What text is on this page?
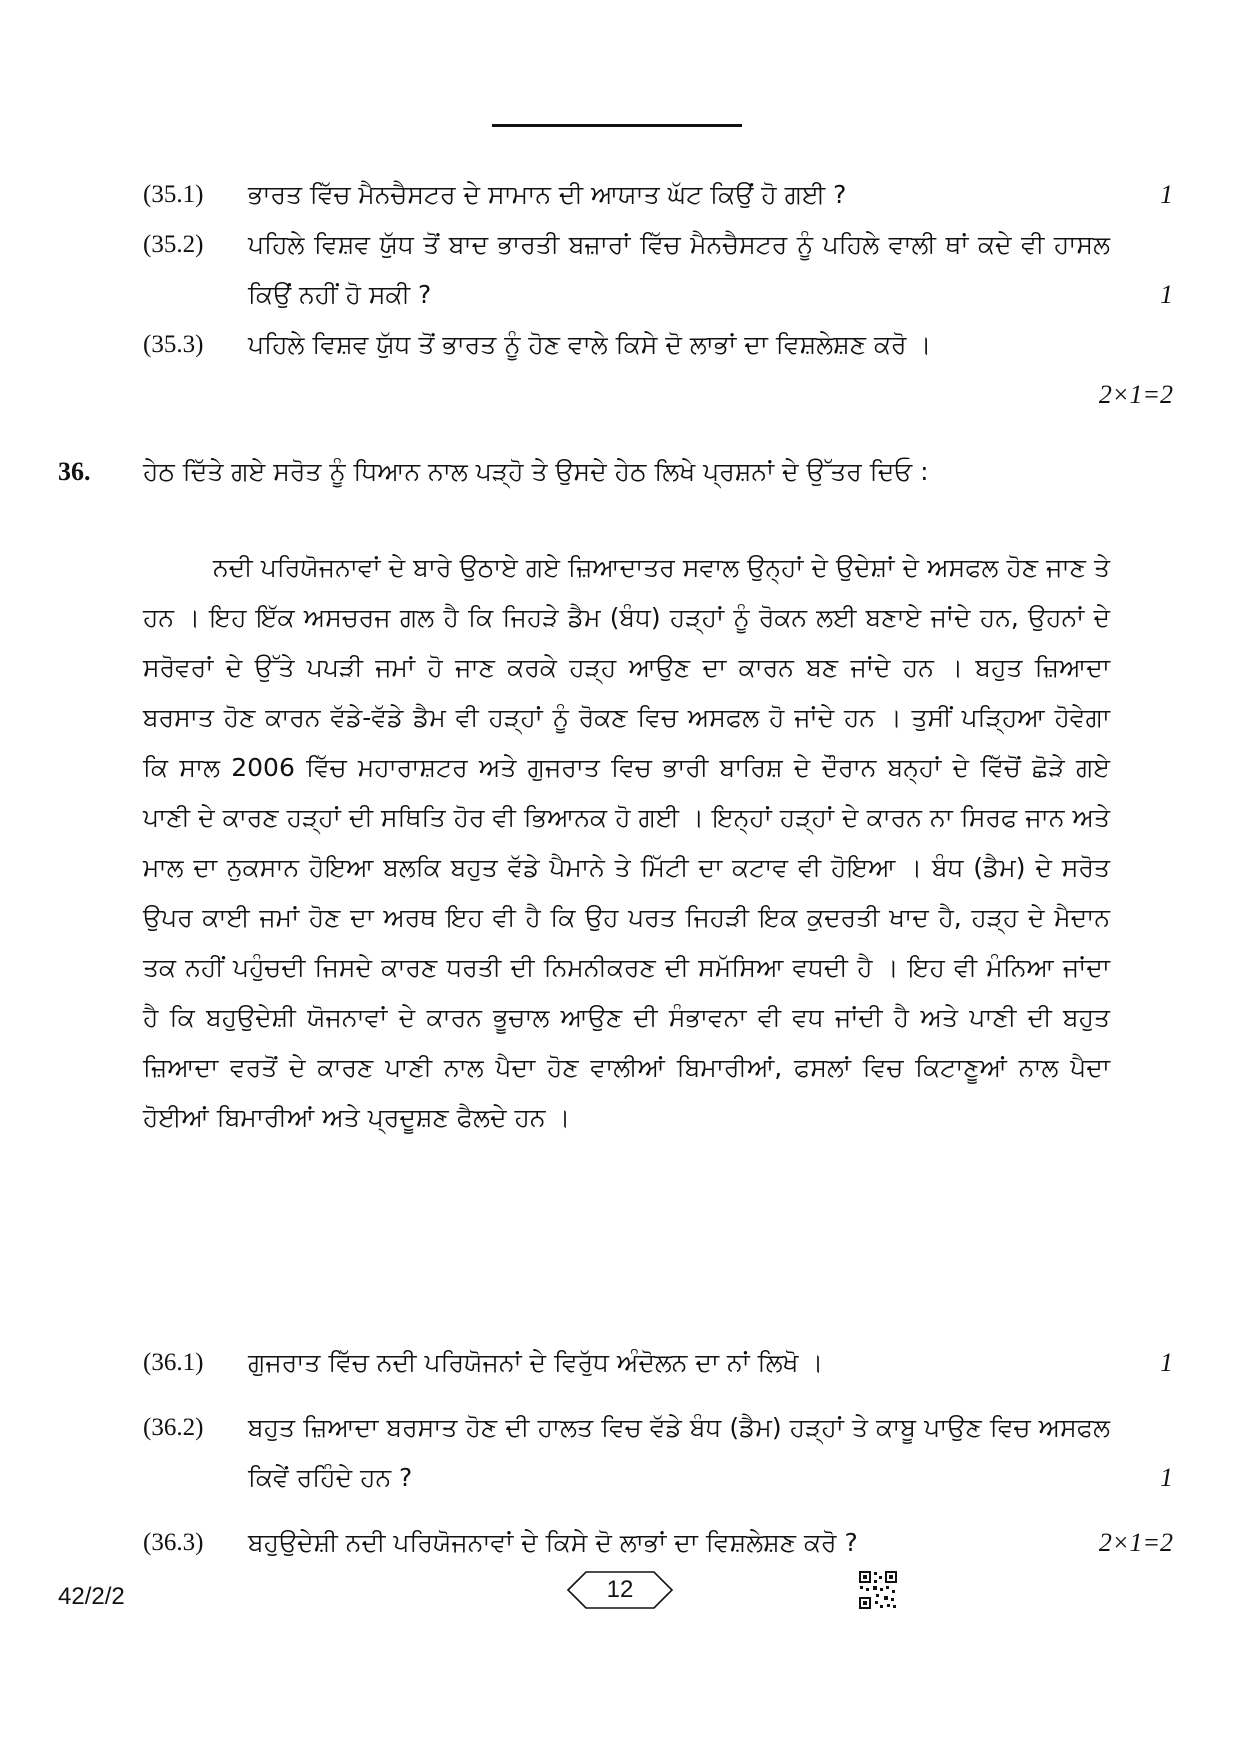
(35.1) ਭਾਰਤ ਵਿੱਚ ਮੈਨਚੈਸਟਰ ਦੇ ਸਾਮਾਨ ਦੀ ਆਯਾਤ ਘੱਟ ਕਿਉਂ ਹੋ ਗਈ ?	1
(35.2) ਪਹਿਲੇ ਵਿਸ਼ਵ ਯੁੱਧ ਤੋਂ ਬਾਦ ਭਾਰਤੀ ਬਜ਼ਾਰਾਂ ਵਿੱਚ ਮੈਨਚੈਸਟਰ ਨੂੰ ਪਹਿਲੇ ਵਾਲੀ ਥਾਂ ਕਦੇ ਵੀ ਹਾਸਲ ਕਿਉਂ ਨਹੀਂ ਹੋ ਸਕੀ ?	1
(35.3) ਪਹਿਲੇ ਵਿਸ਼ਵ ਯੁੱਧ ਤੋਂ ਭਾਰਤ ਨੂੰ ਹੋਣ ਵਾਲੇ ਕਿਸੇ ਦੋ ਲਾਭਾਂ ਦਾ ਵਿਸ਼ਲੇਸ਼ਣ ਕਰੋ ।
2×1=2
36. ਹੇਠ ਦਿੱਤੇ ਗਏ ਸਰੋਤ ਨੂੰ ਧਿਆਨ ਨਾਲ ਪੜ੍ਹੋ ਤੇ ਉਸਦੇ ਹੇਠ ਲਿਖੇ ਪ੍ਰਸ਼ਨਾਂ ਦੇ ਉੱਤਰ ਦਿਓ :
ਨਦੀ ਪਰਿਯੋਜਨਾਵਾਂ ਦੇ ਬਾਰੇ ਉਠਾਏ ਗਏ ਜ਼ਿਆਦਾਤਰ ਸਵਾਲ ਉਨ੍ਹਾਂ ਦੇ ਉਦੇਸ਼ਾਂ ਦੇ ਅਸਫਲ ਹੋਣ ਜਾਣ ਤੇ ਹਨ । ਇਹ ਇੱਕ ਅਸਚਰਜ ਗਲ ਹੈ ਕਿ ਜਿਹੜੇ ਡੈਮ (ਬੰਧ) ਹੜ੍ਹਾਂ ਨੂੰ ਰੋਕਨ ਲਈ ਬਣਾਏ ਜਾਂਦੇ ਹਨ, ਉਹਨਾਂ ਦੇ ਸਰੋਵਰਾਂ ਦੇ ਉੱਤੇ ਪਪੜੀ ਜਮਾਂ ਹੋ ਜਾਣ ਕਰਕੇ ਹੜ੍ਹ ਆਉਣ ਦਾ ਕਾਰਨ ਬਣ ਜਾਂਦੇ ਹਨ । ਬਹੁਤ ਜ਼ਿਆਦਾ ਬਰਸਾਤ ਹੋਣ ਕਾਰਨ ਵੱਡੇ-ਵੱਡੇ ਡੈਮ ਵੀ ਹੜ੍ਹਾਂ ਨੂੰ ਰੋਕਣ ਵਿਚ ਅਸਫਲ ਹੋ ਜਾਂਦੇ ਹਨ । ਤੁਸੀਂ ਪੜ੍ਹਿਆ ਹੋਵੇਗਾ ਕਿ ਸਾਲ 2006 ਵਿੱਚ ਮਹਾਰਾਸ਼ਟਰ ਅਤੇ ਗੁਜਰਾਤ ਵਿਚ ਭਾਰੀ ਬਾਰਿਸ਼ ਦੇ ਦੌਰਾਨ ਬਨ੍ਹਾਂ ਦੇ ਵਿੱਚੋਂ ਛੋੜੇ ਗਏ ਪਾਣੀ ਦੇ ਕਾਰਣ ਹੜ੍ਹਾਂ ਦੀ ਸਥਿਤਿ ਹੋਰ ਵੀ ਭਿਆਨਕ ਹੋ ਗਈ । ਇਨ੍ਹਾਂ ਹੜ੍ਹਾਂ ਦੇ ਕਾਰਨ ਨਾ ਸਿਰਫ ਜਾਨ ਅਤੇ ਮਾਲ ਦਾ ਨੁਕਸਾਨ ਹੋਇਆ ਬਲਕਿ ਬਹੁਤ ਵੱਡੇ ਪੈਮਾਨੇ ਤੇ ਮਿੱਟੀ ਦਾ ਕਟਾਵ ਵੀ ਹੋਇਆ । ਬੰਧ (ਡੈਮ) ਦੇ ਸਰੋਤ ਉਪਰ ਕਾਈ ਜਮਾਂ ਹੋਣ ਦਾ ਅਰਥ ਇਹ ਵੀ ਹੈ ਕਿ ਉਹ ਪਰਤ ਜਿਹੜੀ ਇਕ ਕੁਦਰਤੀ ਖਾਦ ਹੈ, ਹੜ੍ਹ ਦੇ ਮੈਦਾਨ ਤਕ ਨਹੀਂ ਪਹੁੰਚਦੀ ਜਿਸਦੇ ਕਾਰਣ ਧਰਤੀ ਦੀ ਨਿਮਨੀਕਰਣ ਦੀ ਸਮੱਸਿਆ ਵਧਦੀ ਹੈ । ਇਹ ਵੀ ਮੰਨਿਆ ਜਾਂਦਾ ਹੈ ਕਿ ਬਹੁਉਦੇਸ਼ੀ ਯੋਜਨਾਵਾਂ ਦੇ ਕਾਰਨ ਭੂਚਾਲ ਆਉਣ ਦੀ ਸੰਭਾਵਨਾ ਵੀ ਵਧ ਜਾਂਦੀ ਹੈ ਅਤੇ ਪਾਣੀ ਦੀ ਬਹੁਤ ਜ਼ਿਆਦਾ ਵਰਤੋਂ ਦੇ ਕਾਰਣ ਪਾਣੀ ਨਾਲ ਪੈਦਾ ਹੋਣ ਵਾਲੀਆਂ ਬਿਮਾਰੀਆਂ, ਫਸਲਾਂ ਵਿਚ ਕਿਟਾਣੂਆਂ ਨਾਲ ਪੈਦਾ ਹੋਈਆਂ ਬਿਮਾਰੀਆਂ ਅਤੇ ਪ੍ਰਦੂਸ਼ਣ ਫੈਲਦੇ ਹਨ ।
(36.1) ਗੁਜਰਾਤ ਵਿੱਚ ਨਦੀ ਪਰਿਯੋਜਨਾਂ ਦੇ ਵਿਰੁੱਧ ਅੰਦੋਲਨ ਦਾ ਨਾਂ ਲਿਖੋ ।	1
(36.2) ਬਹੁਤ ਜ਼ਿਆਦਾ ਬਰਸਾਤ ਹੋਣ ਦੀ ਹਾਲਤ ਵਿਚ ਵੱਡੇ ਬੰਧ (ਡੈਮ) ਹੜ੍ਹਾਂ ਤੇ ਕਾਬੂ ਪਾਉਣ ਵਿਚ ਅਸਫਲ ਕਿਵੇਂ ਰਹਿੰਦੇ ਹਨ ?	1
(36.3) ਬਹੁਉਦੇਸ਼ੀ ਨਦੀ ਪਰਿਯੋਜਨਾਵਾਂ ਦੇ ਕਿਸੇ ਦੋ ਲਾਭਾਂ ਦਾ ਵਿਸ਼ਲੇਸ਼ਣ ਕਰੋ ?	2×1=2
42/2/2	12
